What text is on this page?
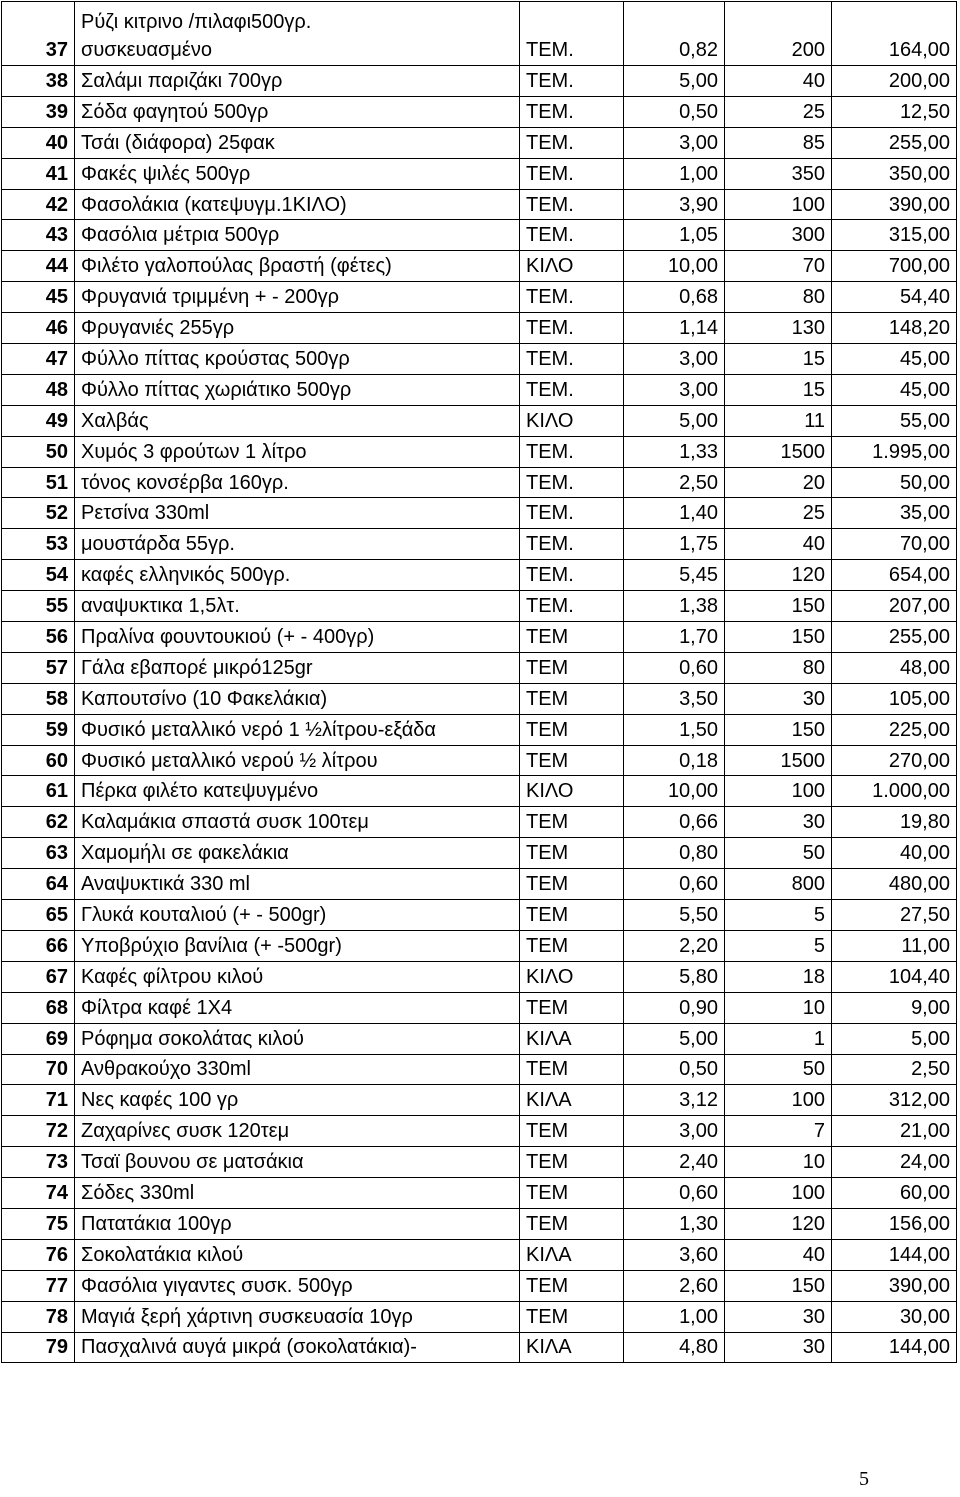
37	Ρύζι κιτρινο /πιλαφι500γρ.
συσκευασμένο	ΤΕΜ.	0,82	200	164,00
38	Σαλάμι παριζάκι 700γρ	ΤΕΜ.	5,00	40	200,00
39	Σόδα φαγητού 500γρ	ΤΕΜ.	0,50	25	12,50
40	Τσάι (διάφορα) 25φακ	ΤΕΜ.	3,00	85	255,00
41	Φακές ψιλές 500γρ	ΤΕΜ.	1,00	350	350,00
42	Φασολάκια (κατεψυγμ.1ΚΙΛΟ)	ΤΕΜ.	3,90	100	390,00
43	Φασόλια μέτρια 500γρ	ΤΕΜ.	1,05	300	315,00
44	Φιλέτο γαλοπούλας βραστή (φέτες)	ΚΙΛΟ	10,00	70	700,00
45	Φρυγανιά τριμμένη + - 200γρ	ΤΕΜ.	0,68	80	54,40
46	Φρυγανιές 255γρ	ΤΕΜ.	1,14	130	148,20
47	Φύλλο πίττας κρούστας 500γρ	ΤΕΜ.	3,00	15	45,00
48	Φύλλο πίττας χωριάτικο 500γρ	ΤΕΜ.	3,00	15	45,00
49	Χαλβάς	ΚΙΛΟ	5,00	11	55,00
50	Χυμός 3 φρούτων 1 λίτρο	ΤΕΜ.	1,33	1500	1.995,00
51	τόνος κονσέρβα 160γρ.	ΤΕΜ.	2,50	20	50,00
52	Ρετσίνα 330ml	ΤΕΜ.	1,40	25	35,00
53	μουστάρδα 55γρ.	ΤΕΜ.	1,75	40	70,00
54	καφές ελληνικός 500γρ.	ΤΕΜ.	5,45	120	654,00
55	αναψυκτικα 1,5λτ.	ΤΕΜ.	1,38	150	207,00
56	Πραλίνα φουντουκιού (+ - 400γρ)	ΤΕΜ	1,70	150	255,00
57	Γάλα εβαπορέ μικρό125gr	ΤΕΜ	0,60	80	48,00
58	Καπουτσίνο (10 Φακελάκια)	ΤΕΜ	3,50	30	105,00
59	Φυσικό μεταλλικό νερό 1 ½λίτρου-εξάδα	ΤΕΜ	1,50	150	225,00
60	Φυσικό μεταλλικό νερού ½ λίτρου	ΤΕΜ	0,18	1500	270,00
61	Πέρκα φιλέτο κατεψυγμένο	ΚΙΛΟ	10,00	100	1.000,00
62	Καλαμάκια σπαστά συσκ 100τεμ	ΤΕΜ	0,66	30	19,80
63	Χαμομήλι σε φακελάκια	ΤΕΜ	0,80	50	40,00
64	Αναψυκτικά 330 ml	ΤΕΜ	0,60	800	480,00
65	Γλυκά κουταλιού (+ - 500gr)	ΤΕΜ	5,50	5	27,50
66	Υποβρύχιο βανίλια (+ -500gr)	ΤΕΜ	2,20	5	11,00
67	Καφές φίλτρου κιλού	ΚΙΛΟ	5,80	18	104,40
68	Φίλτρα καφέ 1Χ4	ΤΕΜ	0,90	10	9,00
69	Ρόφημα σοκολάτας κιλού	ΚΙΛΑ	5,00	1	5,00
70	Ανθρακούχο 330ml	ΤΕΜ	0,50	50	2,50
71	Νες καφές 100 γρ	ΚΙΛΑ	3,12	100	312,00
72	Ζαχαρίνες συσκ 120τεμ	ΤΕΜ	3,00	7	21,00
73	Τσαϊ βουνου σε ματσάκια	ΤΕΜ	2,40	10	24,00
74	Σόδες 330ml	ΤΕΜ	0,60	100	60,00
75	Πατατάκια 100γρ	ΤΕΜ	1,30	120	156,00
76	Σοκολατάκια κιλού	ΚΙΛΑ	3,60	40	144,00
77	Φασόλια γιγαντες συσκ. 500γρ	ΤΕΜ	2,60	150	390,00
78	Μαγιά ξερή χάρτινη συσκευασία 10γρ	ΤΕΜ	1,00	30	30,00
79	Πασχαλινά αυγά μικρά (σοκολατάκια)-	ΚΙΛΑ	4,80	30	144,00
5
